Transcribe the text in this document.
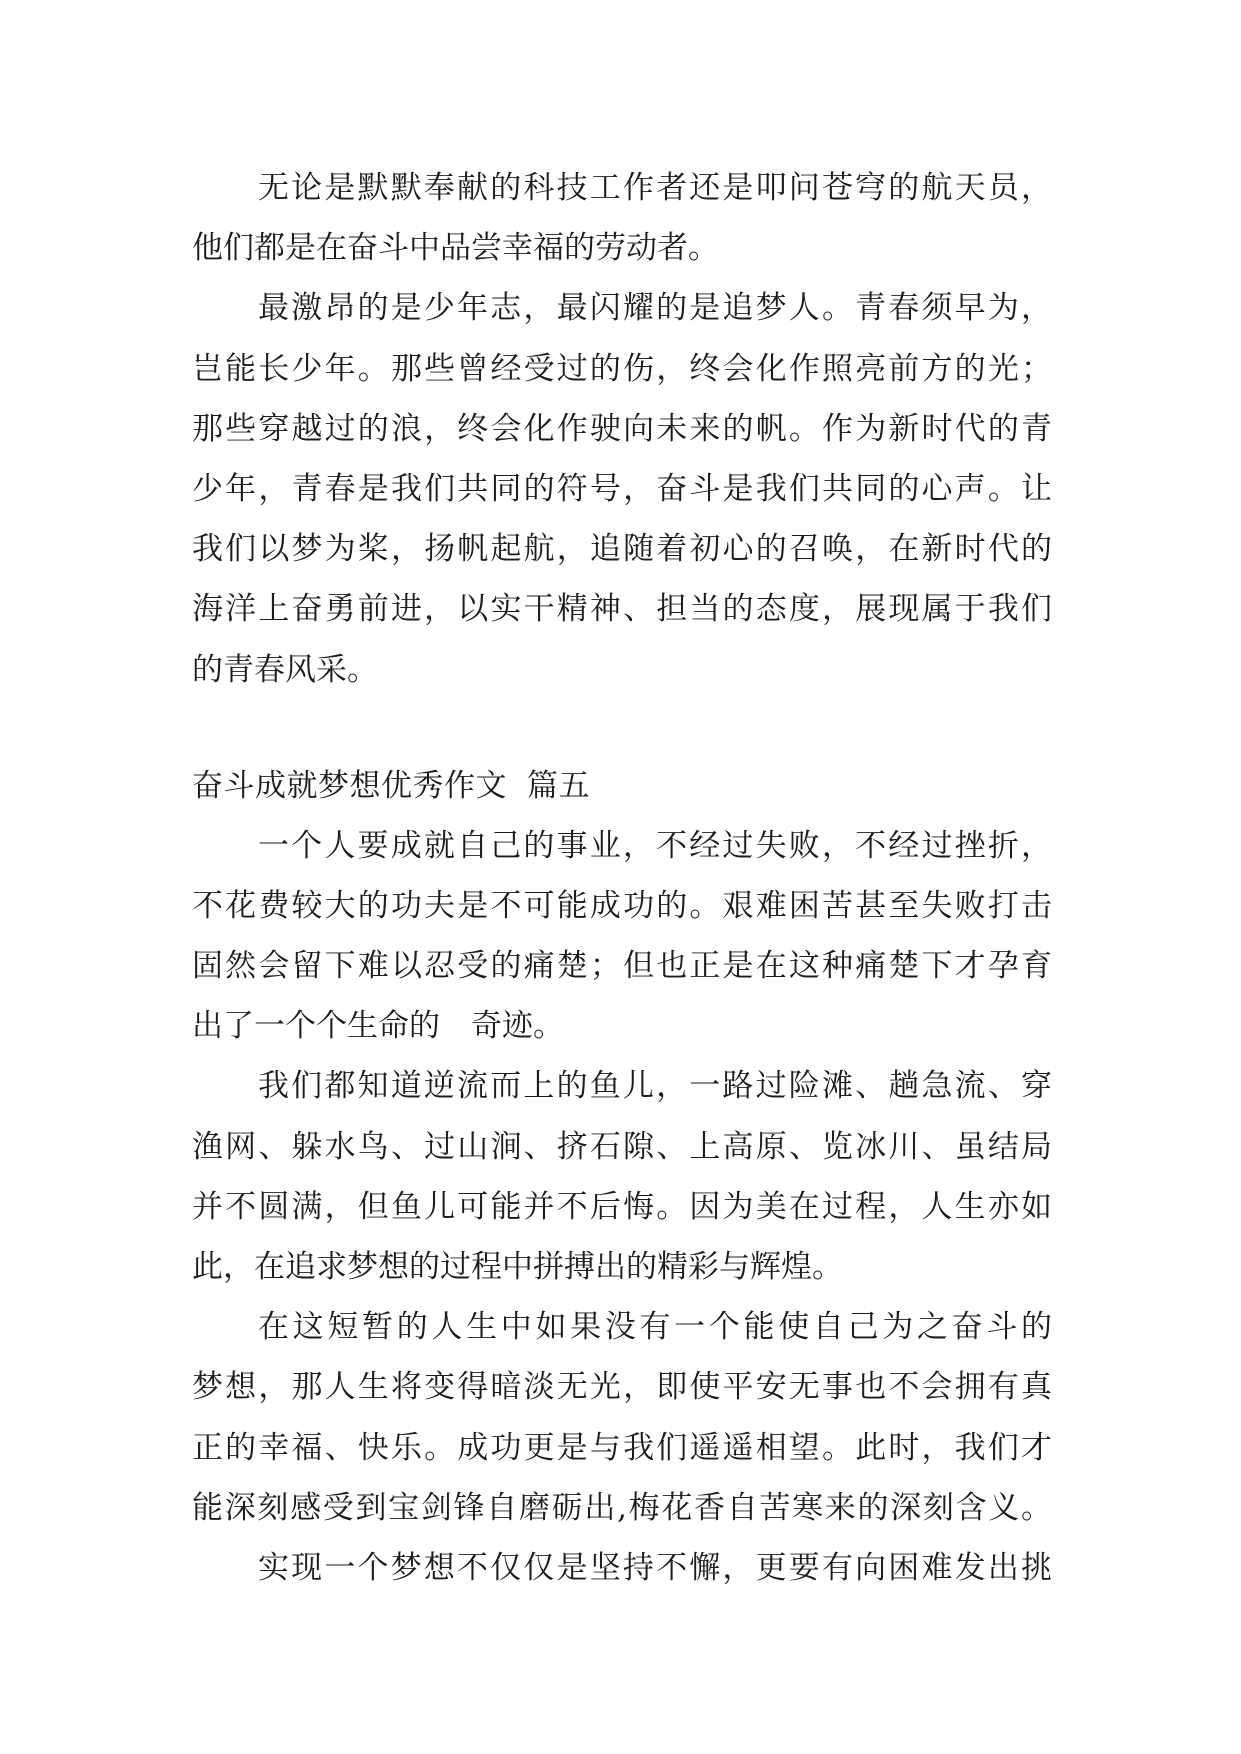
无论是默默奉献的科技工作者还是叩问苍穹的航天员，
他们都是在奋斗中品尝幸福的劳动者。
最激昂的是少年志，最闪耀的是追梦人。青春须早为，
岂能长少年。那些曾经受过的伤，终会化作照亮前方的光；
那些穿越过的浪，终会化作驶向未来的帆。作为新时代的青
少年，青春是我们共同的符号，奋斗是我们共同的心声。让
我们以梦为桨，扬帆起航，追随着初心的召唤，在新时代的
海洋上奋勇前进，以实干精神、担当的态度，展现属于我们
的青春风采。
奋斗成就梦想优秀作文 篇五
一个人要成就自己的事业，不经过失败，不经过挫折，
不花费较大的功夫是不可能成功的。艰难困苦甚至失败打击
固然会留下难以忍受的痛楚；但也正是在这种痛楚下才孕育
出了一个个生命的　奇迹。
我们都知道逆流而上的鱼儿，一路过险滩、趟急流、穿
渔网、躲水鸟、过山涧、挤石隙、上高原、览冰川、虽结局
并不圆满，但鱼儿可能并不后悔。因为美在过程，人生亦如
此，在追求梦想的过程中拼搏出的精彩与辉煌。
在这短暂的人生中如果没有一个能使自己为之奋斗的
梦想，那人生将变得暗淡无光，即使平安无事也不会拥有真
正的幸福、快乐。成功更是与我们遥遥相望。此时，我们才
能深刻感受到宝剑锋自磨砺出,梅花香自苦寒来的深刻含义。
实现一个梦想不仅仅是坚持不懈，更要有向困难发出挑
